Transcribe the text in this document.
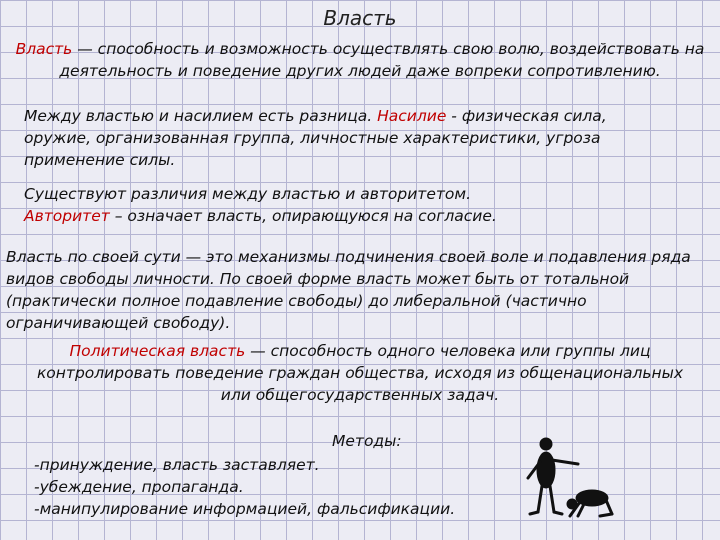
Власть
Власть — способность и возможность осуществлять свою волю, воздействовать на деятельность и поведение других людей даже вопреки сопротивлению.
Между властью и насилием есть разница. Насилие - физическая сила, оружие, организованная группа, личностные характеристики, угроза применение силы.
Существуют различия между властью и авторитетом.
Авторитет – означает власть, опирающуюся на согласие.
Власть по своей сути — это механизмы подчинения своей воле и подавления ряда видов свободы личности. По своей форме власть может быть от тотальной (практически полное подавление свободы) до либеральной (частично ограничивающей свободу).
Политическая власть — способность одного человека или группы лиц контролировать поведение граждан общества, исходя из общенациональных или общегосударственных задач.
Методы:
-принуждение, власть заставляет.
-убеждение, пропаганда.
-манипулирование информацией, фальсификации.
